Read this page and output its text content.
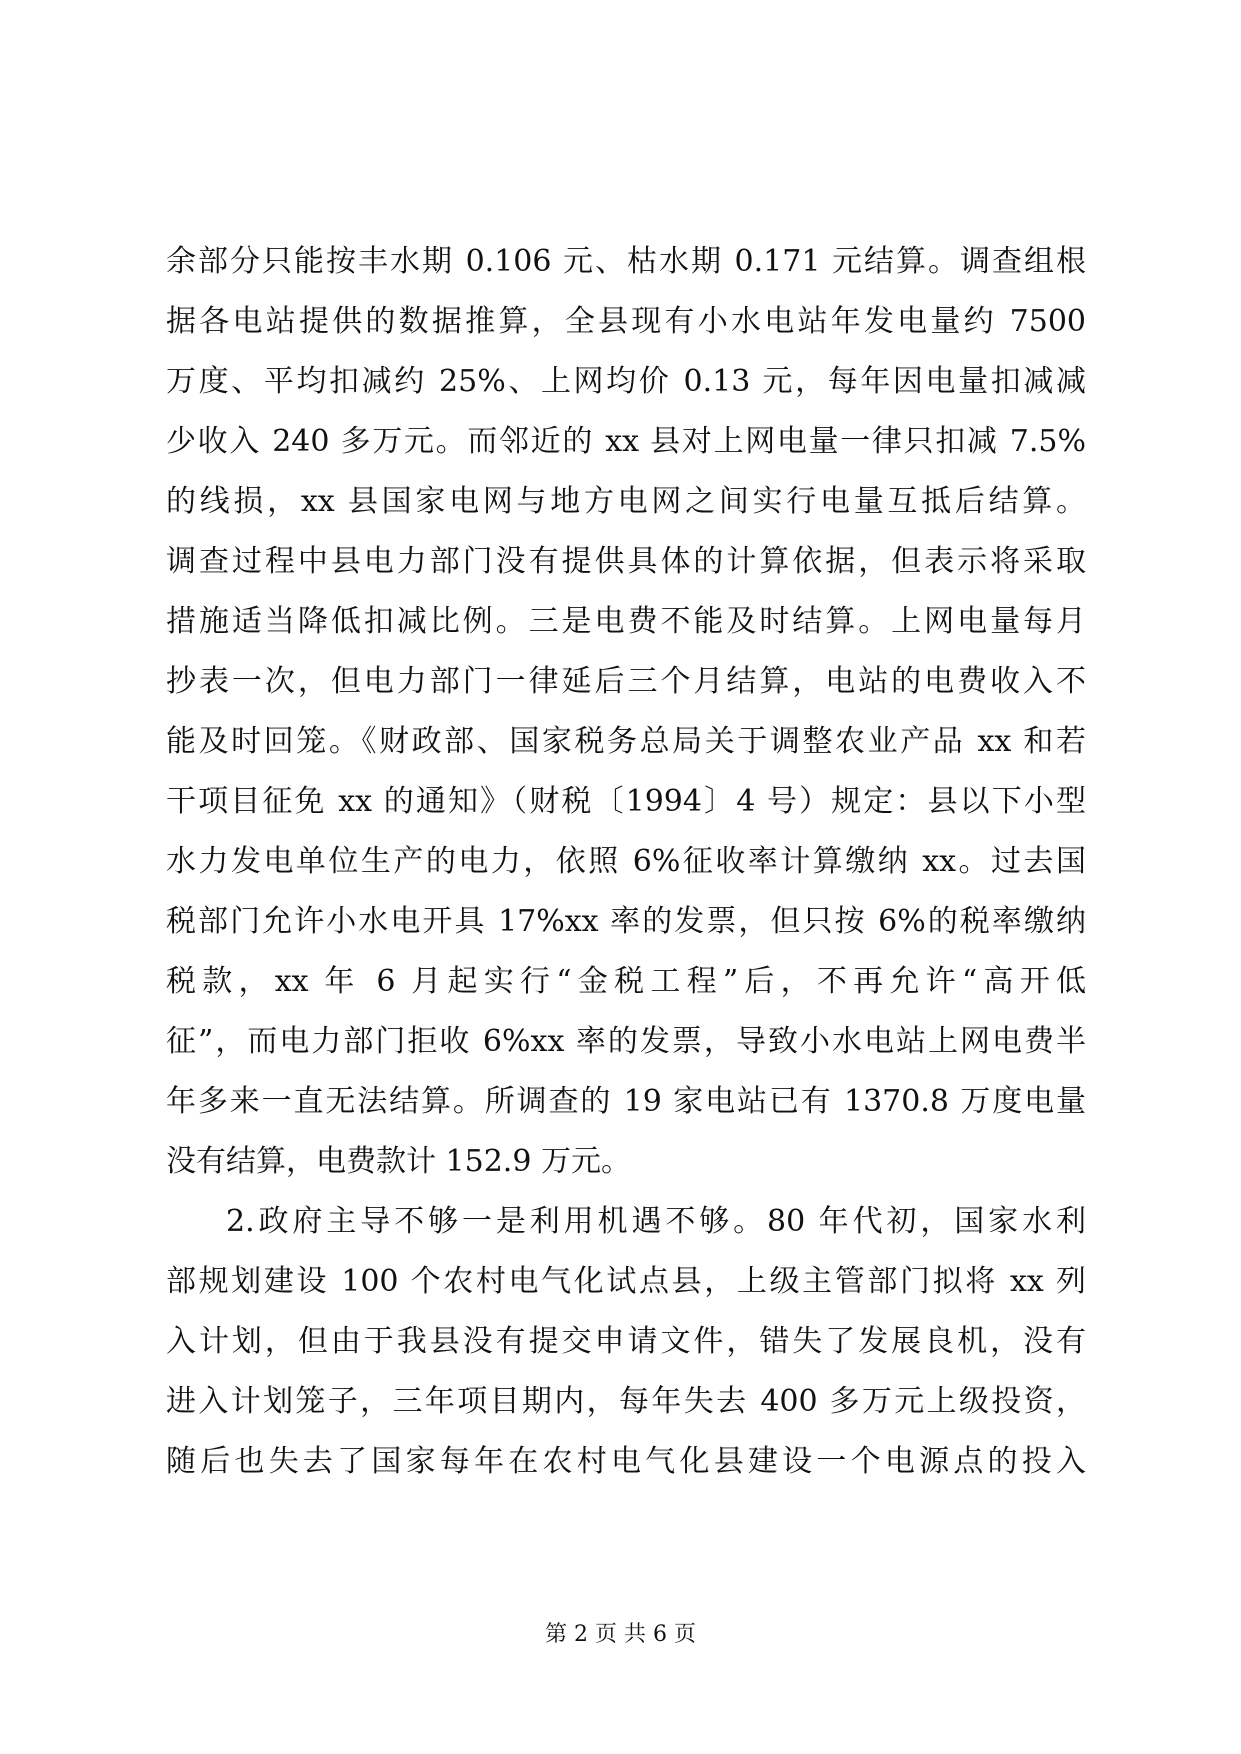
余部分只能按丰水期 0.106 元、枯水期 0.171 元结算。调查组根
据各电站提供的数据推算，全县现有小水电站年发电量约 7500
万度、平均扣减约 25%、上网均价 0.13 元，每年因电量扣减减
少收入 240 多万元。而邻近的 xx 县对上网电量一律只扣减 7.5%
的线损，xx 县国家电网与地方电网之间实行电量互抵后结算。
调查过程中县电力部门没有提供具体的计算依据，但表示将采取
措施适当降低扣减比例。三是电费不能及时结算。上网电量每月
抄表一次，但电力部门一律延后三个月结算，电站的电费收入不
能及时回笼。《财政部、国家税务总局关于调整农业产品 xx 和若
干项目征免 xx 的通知》（财税〔1994〕4 号）规定：县以下小型
水力发电单位生产的电力，依照 6%征收率计算缴纳 xx。过去国
税部门允许小水电开具 17%xx 率的发票，但只按 6%的税率缴纳
税款，xx 年 6 月起实行“金税工程”后，不再允许“高开低
征”，而电力部门拒收 6%xx 率的发票，导致小水电站上网电费半
年多来一直无法结算。所调查的 19 家电站已有 1370.8 万度电量
没有结算，电费款计 152.9 万元。
2.政府主导不够一是利用机遇不够。80 年代初，国家水利
部规划建设 100 个农村电气化试点县，上级主管部门拟将 xx 列
入计划，但由于我县没有提交申请文件，错失了发展良机，没有
进入计划笼子，三年项目期内，每年失去 400 多万元上级投资，
随后也失去了国家每年在农村电气化县建设一个电源点的投入
第 2 页 共 6 页
